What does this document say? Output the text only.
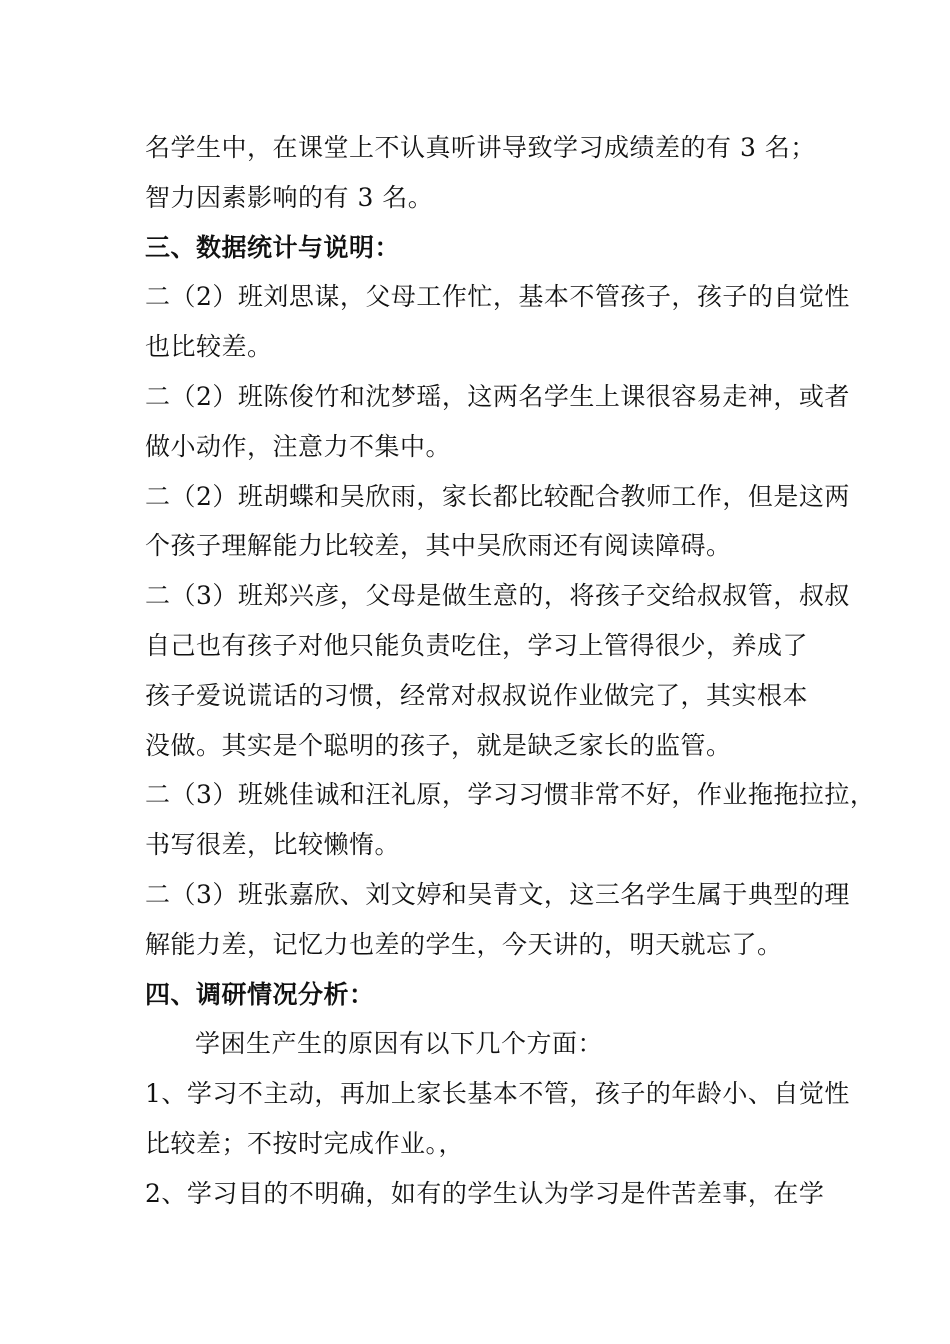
名学生中，在课堂上不认真听讲导致学习成绩差的有 3 名；
智力因素影响的有 3 名。
三、数据统计与说明：
二（2）班刘思谋，父母工作忙，基本不管孩子，孩子的自觉性
也比较差。
二（2）班陈俊竹和沈梦瑶，这两名学生上课很容易走神，或者
做小动作，注意力不集中。
二（2）班胡蝶和吴欣雨，家长都比较配合教师工作，但是这两
个孩子理解能力比较差，其中吴欣雨还有阅读障碍。
二（3）班郑兴彦，父母是做生意的，将孩子交给叔叔管，叔叔
自己也有孩子对他只能负责吃住，学习上管得很少，养成了
孩子爱说谎话的习惯，经常对叔叔说作业做完了，其实根本
没做。其实是个聪明的孩子，就是缺乏家长的监管。
二（3）班姚佳诚和汪礼原，学习习惯非常不好，作业拖拖拉拉，
书写很差，比较懒惰。
二（3）班张嘉欣、刘文婷和吴青文，这三名学生属于典型的理
解能力差，记忆力也差的学生，今天讲的，明天就忘了。
四、调研情况分析：
学困生产生的原因有以下几个方面：
1、学习不主动，再加上家长基本不管，孩子的年龄小、自觉性
比较差；不按时完成作业。，
2、学习目的不明确，如有的学生认为学习是件苦差事，在学
